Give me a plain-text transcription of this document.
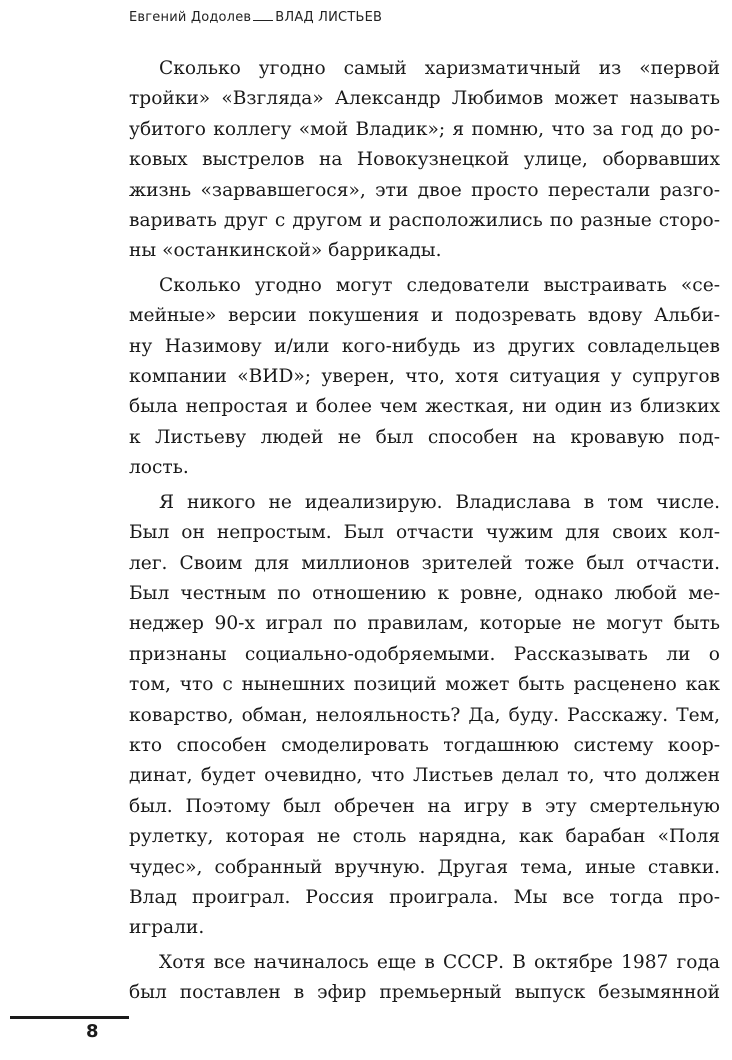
Евгений Додолев ВЛАД ЛИСТЬЕВ

Сколько угодно самый харизматичный из «первой
тройки» «Взгляда» Александр Любимов может называть
убитого коллегу «мой Владик»; я помню, что за год до ро-
ковых выстрелов на Новокузнецкой улице, оборвавших
жизнь «зарвавшегося», эти двое просто перестали разго-
варивать друг с другом и расположились по разные сторо-
ны «останкинской» баррикады.

Сколько угодно могут следователи выстраивать «се-
мейные» версии покушения и подозревать вдову Альби-
ну Назимову и/или кого-нибудь из других совладельцев
компании «ВИD»; уверен, что, хотя ситуация у супругов
была непростая и более чем жесткая, ни один из близких
к Листьеву людей не был способен на кровавую под-
лость.

Я никого не идеализирую. Владислава в том числе.
Был он непростым. Был отчасти чужим для своих кол-
лег. Своим для миллионов зрителей тоже был отчасти.
Был честным по отношению к ровне, однако любой ме-
неджер 90-х играл по правилам, которые не могут быть
признаны социально-одобряемыми. Рассказывать ли о
том, что с нынешних позиций может быть расценено как
коварство, обман, нелояльность? Да, буду. Расскажу. Тем,
кто способен смоделировать тогдашнюю систему коор-
динат, будет очевидно, что Листьев делал то, что должен
был. Поэтому был обречен на игру в эту смертельную
рулетку, которая не столь нарядна, как барабан «Поля
чудес», собранный вручную. Другая тема, иные ставки.
Влад проиграл. Россия проиграла. Мы все тогда про-
играли.

Хотя все начиналось еще в СССР. В октябре 1987 года
был поставлен в эфир премьерный выпуск безымянной

8
